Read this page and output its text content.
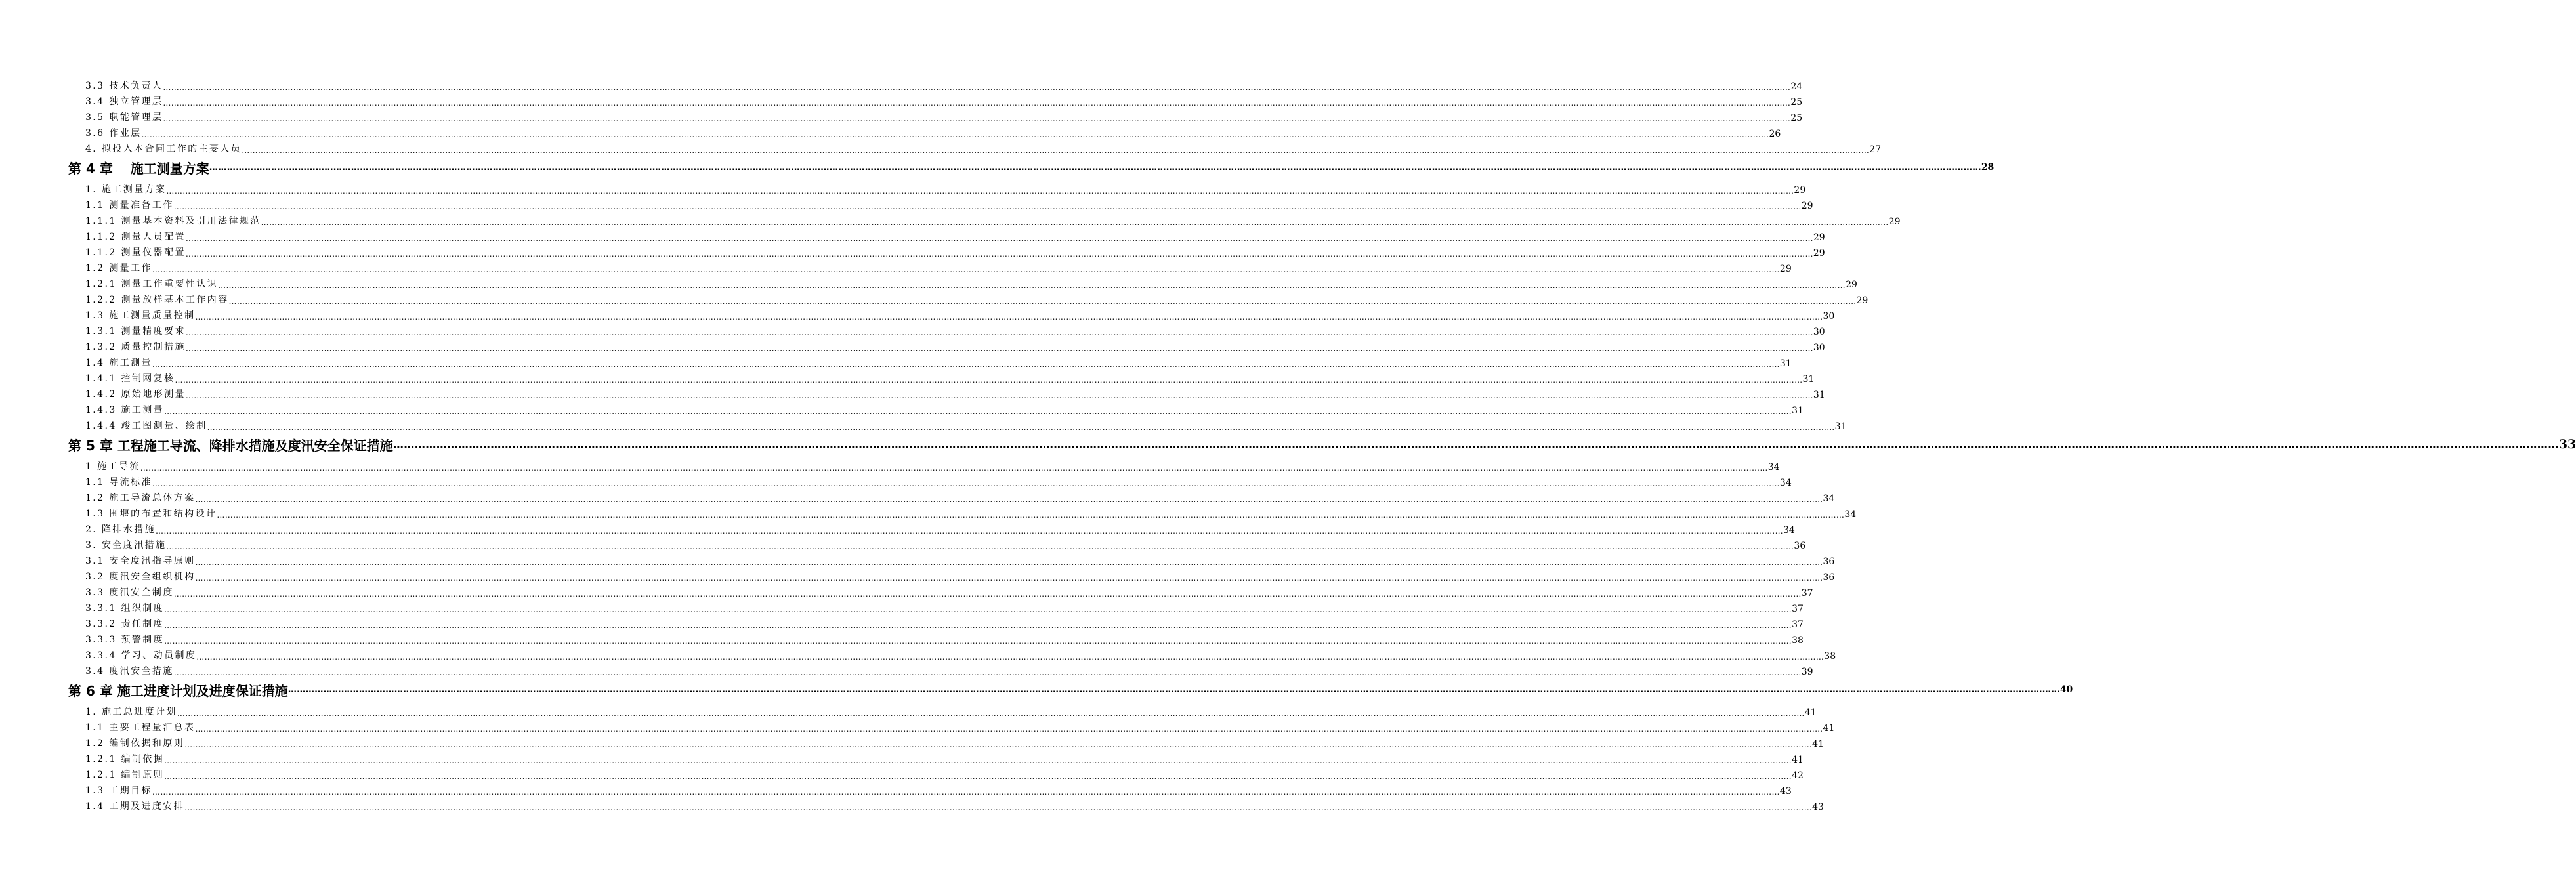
3.3 技术负责人 …………………………………………………………………………………………………………………………………………………………………………………………………………………………………………………………………………………………………………………………………………………………………………………………………………………………………………………………………………………………………………………………………………………… 24
3.4 独立管理层 …………………………………………………………………………………………………………………………………………………………………………………………………………………………………………………………………………………………………………………………………………………………………………………………………………………………………………………………………………………………………………………………………………………… 25
3.5 职能管理层 …………………………………………………………………………………………………………………………………………………………………………………………………………………………………………………………………………………………………………………………………………………………………………………………………………………………………………………………………………………………………………………………………………………… 25
3.6 作业层 …………………………………………………………………………………………………………………………………………………………………………………………………………………………………………………………………………………………………………………………………………………………………………………………………………………………………………………………………………………………………………………………………………………… 26
4. 拟投入本合同工作的主要人员 …………………………………………………………………………………………………………………………………………………………………………………………………………………………………………………………………………………………………………………………………………………………………………………………………………………………………………………………………………………………………………………………………………………… 27
第 4 章　 施工测量方案 …………………………………………………………………………………………………………………………………………………………………………………………………………………………………………………………………………………………………………………………………………………………………………………………………………………………………………………………………………………………………………………………………………………… 28
1. 施工测量方案 …………………………………………………………………………………………………………………………………………………………………………………………………………………………………………………………………………………………………………………………………………………………………………………………………………………………………………………………………………………………………………………………………………………… 29
1.1 测量准备工作 …………………………………………………………………………………………………………………………………………………………………………………………………………………………………………………………………………………………………………………………………………………………………………………………………………………………………………………………………………………………………………………………………………………… 29
1.1.1 测量基本资料及引用法律规范 …………………………………………………………………………………………………………………………………………………………………………………………………………………………………………………………………………………………………………………………………………………………………………………………………………………………………………………………………………………………………………………………………………………… 29
1.1.2 测量人员配置 …………………………………………………………………………………………………………………………………………………………………………………………………………………………………………………………………………………………………………………………………………………………………………………………………………………………………………………………………………………………………………………………………………………… 29
1.1.2 测量仪器配置 …………………………………………………………………………………………………………………………………………………………………………………………………………………………………………………………………………………………………………………………………………………………………………………………………………………………………………………………………………………………………………………………………………………… 29
1.2 测量工作 …………………………………………………………………………………………………………………………………………………………………………………………………………………………………………………………………………………………………………………………………………………………………………………………………………………………………………………………………………………………………………………………………………………… 29
1.2.1 测量工作重要性认识 …………………………………………………………………………………………………………………………………………………………………………………………………………………………………………………………………………………………………………………………………………………………………………………………………………………………………………………………………………………………………………………………………………………… 29
1.2.2 测量放样基本工作内容 …………………………………………………………………………………………………………………………………………………………………………………………………………………………………………………………………………………………………………………………………………………………………………………………………………………………………………………………………………………………………………………………………………………… 29
1.3 施工测量质量控制 …………………………………………………………………………………………………………………………………………………………………………………………………………………………………………………………………………………………………………………………………………………………………………………………………………………………………………………………………………………………………………………………………………………… 30
1.3.1 测量精度要求 …………………………………………………………………………………………………………………………………………………………………………………………………………………………………………………………………………………………………………………………………………………………………………………………………………………………………………………………………………………………………………………………………………………… 30
1.3.2 质量控制措施 …………………………………………………………………………………………………………………………………………………………………………………………………………………………………………………………………………………………………………………………………………………………………………………………………………………………………………………………………………………………………………………………………………………… 30
1.4 施工测量 …………………………………………………………………………………………………………………………………………………………………………………………………………………………………………………………………………………………………………………………………………………………………………………………………………………………………………………………………………………………………………………………………………………… 31
1.4.1 控制网复核 …………………………………………………………………………………………………………………………………………………………………………………………………………………………………………………………………………………………………………………………………………………………………………………………………………………………………………………………………………………………………………………………………………………… 31
1.4.2 原始地形测量 …………………………………………………………………………………………………………………………………………………………………………………………………………………………………………………………………………………………………………………………………………………………………………………………………………………………………………………………………………………………………………………………………………………… 31
1.4.3 施工测量 …………………………………………………………………………………………………………………………………………………………………………………………………………………………………………………………………………………………………………………………………………………………………………………………………………………………………………………………………………………………………………………………………………………… 31
1.4.4 竣工图测量、绘制 …………………………………………………………………………………………………………………………………………………………………………………………………………………………………………………………………………………………………………………………………………………………………………………………………………………………………………………………………………………………………………………………………………………… 31
第 5 章 工程施工导流、降排水措施及度汛安全保证措施 …………………………………………………………………………………………………………………………………………………………………………………………………………………………………………………………………………………………………………………………………………………………………………………………………………………………………………………………………………………………………………………………………………………… 33
1 施工导流 …………………………………………………………………………………………………………………………………………………………………………………………………………………………………………………………………………………………………………………………………………………………………………………………………………………………………………………………………………………………………………………………………………………… 34
1.1 导流标准 …………………………………………………………………………………………………………………………………………………………………………………………………………………………………………………………………………………………………………………………………………………………………………………………………………………………………………………………………………………………………………………………………………………… 34
1.2 施工导流总体方案 …………………………………………………………………………………………………………………………………………………………………………………………………………………………………………………………………………………………………………………………………………………………………………………………………………………………………………………………………………………………………………………………………………………… 34
1.3 围堰的布置和结构设计 …………………………………………………………………………………………………………………………………………………………………………………………………………………………………………………………………………………………………………………………………………………………………………………………………………………………………………………………………………………………………………………………………………………… 34
2. 降排水措施 …………………………………………………………………………………………………………………………………………………………………………………………………………………………………………………………………………………………………………………………………………………………………………………………………………………………………………………………………………………………………………………………………………………… 34
3. 安全度汛措施 …………………………………………………………………………………………………………………………………………………………………………………………………………………………………………………………………………………………………………………………………………………………………………………………………………………………………………………………………………………………………………………………………………………… 36
3.1 安全度汛指导原则 …………………………………………………………………………………………………………………………………………………………………………………………………………………………………………………………………………………………………………………………………………………………………………………………………………………………………………………………………………………………………………………………………………………… 36
3.2 度汛安全组织机构 …………………………………………………………………………………………………………………………………………………………………………………………………………………………………………………………………………………………………………………………………………………………………………………………………………………………………………………………………………………………………………………………………………………… 36
3.3 度汛安全制度 …………………………………………………………………………………………………………………………………………………………………………………………………………………………………………………………………………………………………………………………………………………………………………………………………………………………………………………………………………………………………………………………………………………… 37
3.3.1 组织制度 …………………………………………………………………………………………………………………………………………………………………………………………………………………………………………………………………………………………………………………………………………………………………………………………………………………………………………………………………………………………………………………………………………………… 37
3.3.2 责任制度 …………………………………………………………………………………………………………………………………………………………………………………………………………………………………………………………………………………………………………………………………………………………………………………………………………………………………………………………………………………………………………………………………………………… 37
3.3.3 预警制度 …………………………………………………………………………………………………………………………………………………………………………………………………………………………………………………………………………………………………………………………………………………………………………………………………………………………………………………………………………………………………………………………………………………… 38
3.3.4 学习、动员制度 …………………………………………………………………………………………………………………………………………………………………………………………………………………………………………………………………………………………………………………………………………………………………………………………………………………………………………………………………………………………………………………………………………………… 38
3.4 度汛安全措施 …………………………………………………………………………………………………………………………………………………………………………………………………………………………………………………………………………………………………………………………………………………………………………………………………………………………………………………………………………………………………………………………………………………… 39
第 6 章 施工进度计划及进度保证措施 …………………………………………………………………………………………………………………………………………………………………………………………………………………………………………………………………………………………………………………………………………………………………………………………………………………………………………………………………………………………………………………………………………………… 40
1. 施工总进度计划 …………………………………………………………………………………………………………………………………………………………………………………………………………………………………………………………………………………………………………………………………………………………………………………………………………………………………………………………………………………………………………………………………………………… 41
1.1 主要工程量汇总表 …………………………………………………………………………………………………………………………………………………………………………………………………………………………………………………………………………………………………………………………………………………………………………………………………………………………………………………………………………………………………………………………………………………… 41
1.2 编制依据和原则 …………………………………………………………………………………………………………………………………………………………………………………………………………………………………………………………………………………………………………………………………………………………………………………………………………………………………………………………………………………………………………………………………………………… 41
1.2.1 编制依据 …………………………………………………………………………………………………………………………………………………………………………………………………………………………………………………………………………………………………………………………………………………………………………………………………………………………………………………………………………………………………………………………………………………… 41
1.2.1 编制原则 …………………………………………………………………………………………………………………………………………………………………………………………………………………………………………………………………………………………………………………………………………………………………………………………………………………………………………………………………………………………………………………………………………………… 42
1.3 工期目标 …………………………………………………………………………………………………………………………………………………………………………………………………………………………………………………………………………………………………………………………………………………………………………………………………………………………………………………………………………………………………………………………………………………… 43
1.4 工期及进度安排 …………………………………………………………………………………………………………………………………………………………………………………………………………………………………………………………………………………………………………………………………………………………………………………………………………………………………………………………………………………………………………………………………………………… 43
